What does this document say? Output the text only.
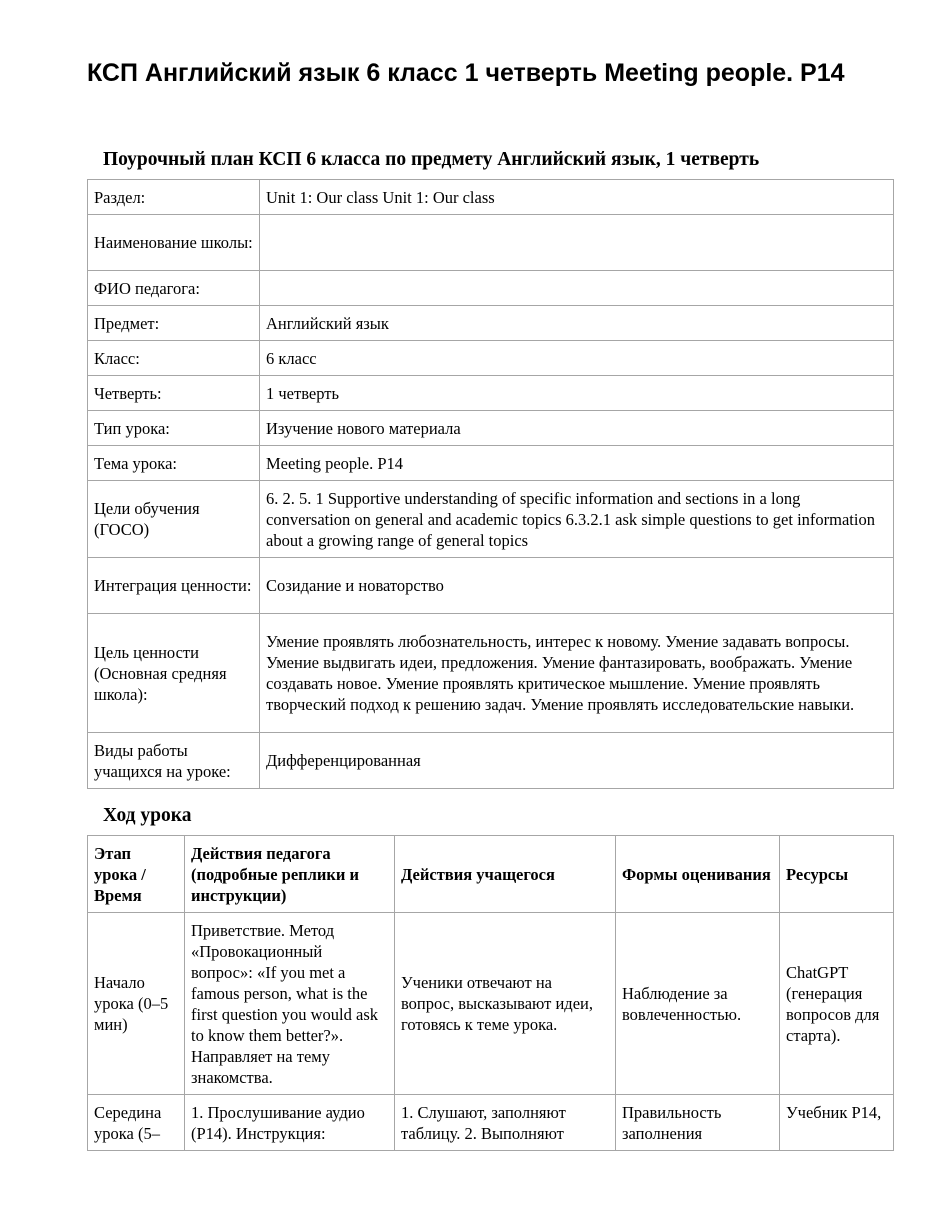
КСП Английский язык 6 класс 1 четверть Meeting people. P14
Поурочный план КСП 6 класса по предмету Английский язык, 1 четверть
Раздел:	Unit 1: Our class Unit 1: Our class
Наименование школы:	
ФИО педагога:	
Предмет:	Английский язык
Класс:	6 класс
Четверть:	1 четверть
Тип урока:	Изучение нового материала
Тема урока:	Meeting people. P14
Цели обучения (ГОСО)	6. 2. 5. 1 Supportive understanding of specific information and sections in a long conversation on general and academic topics 6.3.2.1 ask simple questions to get information about a growing range of general topics
Интеграция ценности:	Созидание и новаторство
Цель ценности (Основная средняя школа):	Умение проявлять любознательность, интерес к новому. Умение задавать вопросы. Умение выдвигать идеи, предложения. Умение фантазировать, воображать. Умение создавать новое. Умение проявлять критическое мышление. Умение проявлять творческий подход к решению задач. Умение проявлять исследовательские навыки.
Виды работы учащихся на уроке:	Дифференцированная
Ход урока
Этап урока / Время	Действия педагога (подробные реплики и инструкции)	Действия учащегося	Формы оценивания	Ресурсы
Начало урока (0–5 мин)	Приветствие. Метод «Провокационный вопрос»: «If you met a famous person, what is the first question you would ask to know them better?». Направляет на тему знакомства.	Ученики отвечают на вопрос, высказывают идеи, готовясь к теме урока.	Наблюдение за вовлеченностью.	ChatGPT (генерация вопросов для старта).
Середина урока (5–	1. Прослушивание аудио (P14). Инструкция:	1. Слушают, заполняют таблицу. 2. Выполняют	Правильность заполнения	Учебник P14,
